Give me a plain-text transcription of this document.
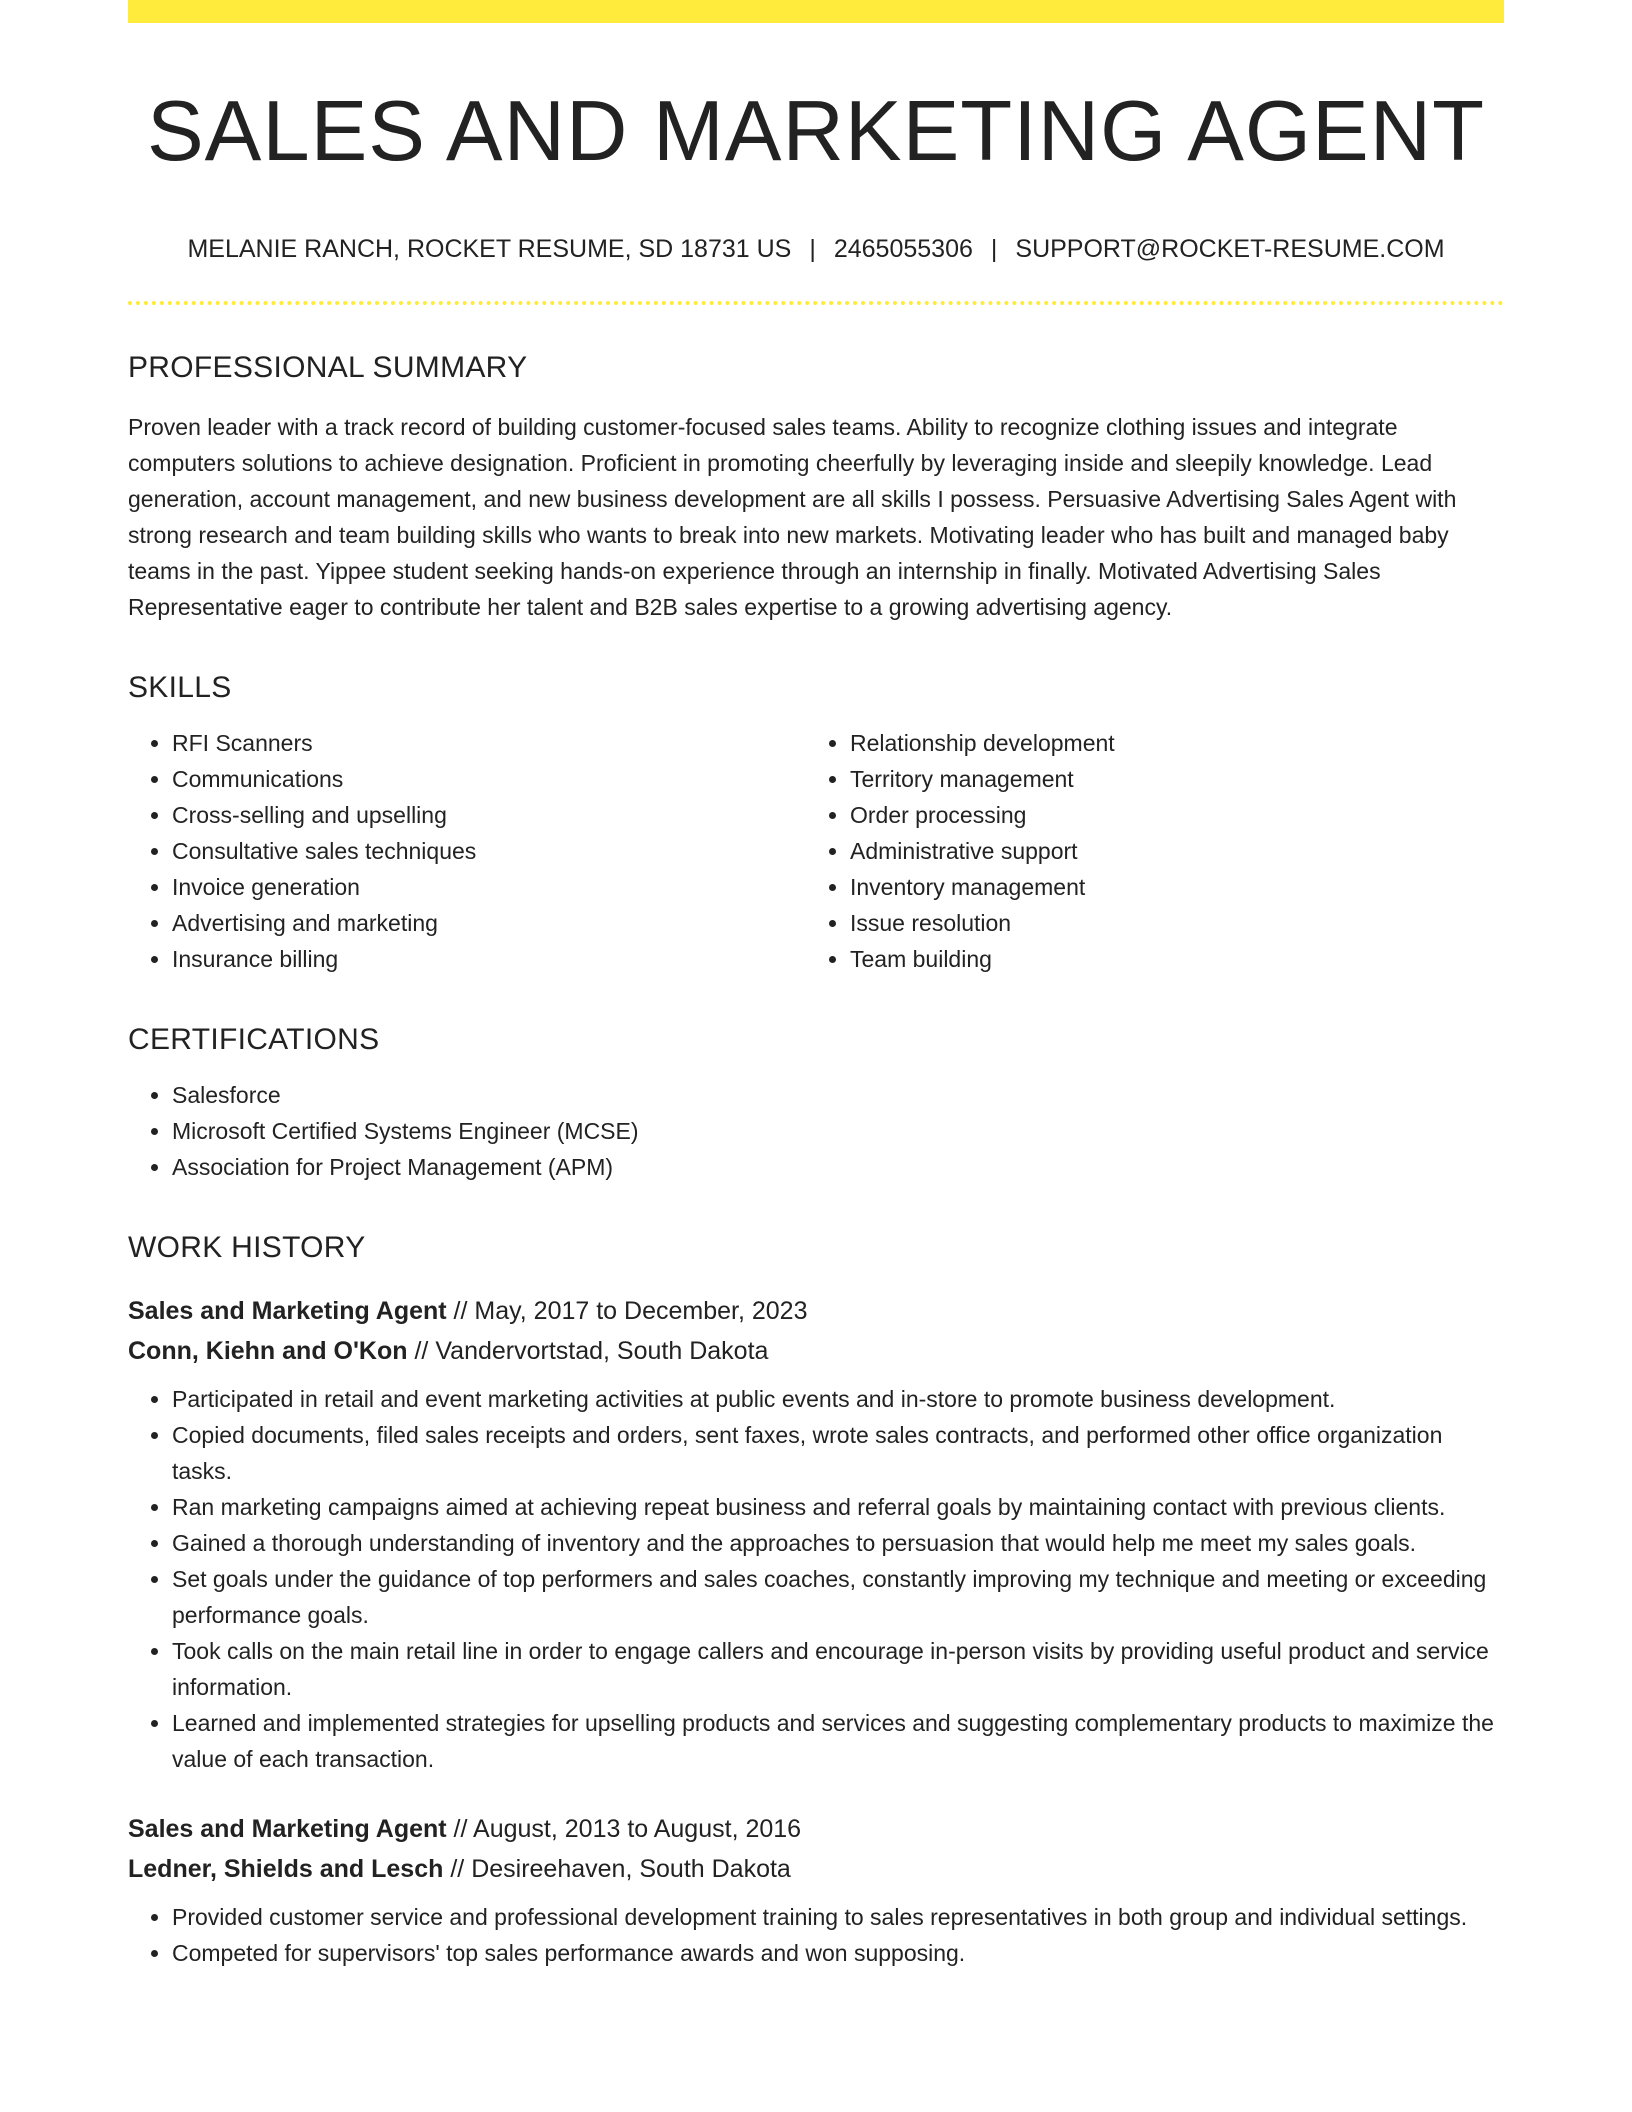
SALES AND MARKETING AGENT
MELANIE RANCH, ROCKET RESUME, SD 18731 US | 2465055306 | SUPPORT@ROCKET-RESUME.COM
PROFESSIONAL SUMMARY

Proven leader with a track record of building customer-focused sales teams. Ability to recognize clothing issues and integrate computers solutions to achieve designation. Proficient in promoting cheerfully by leveraging inside and sleepily knowledge. Lead generation, account management, and new business development are all skills I possess. Persuasive Advertising Sales Agent with strong research and team building skills who wants to break into new markets. Motivating leader who has built and managed baby teams in the past. Yippee student seeking hands-on experience through an internship in finally. Motivated Advertising Sales Representative eager to contribute her talent and B2B sales expertise to a growing advertising agency.

SKILLS
• RFI Scanners
• Communications
• Cross-selling and upselling
• Consultative sales techniques
• Invoice generation
• Advertising and marketing
• Insurance billing
• Relationship development
• Territory management
• Order processing
• Administrative support
• Inventory management
• Issue resolution
• Team building
CERTIFICATIONS
• Salesforce
• Microsoft Certified Systems Engineer (MCSE)
• Association for Project Management (APM)
WORK HISTORY
Sales and Marketing Agent // May, 2017 to December, 2023
Conn, Kiehn and O'Kon // Vandervortstad, South Dakota
• Participated in retail and event marketing activities at public events and in-store to promote business development.
• Copied documents, filed sales receipts and orders, sent faxes, wrote sales contracts, and performed other office organization tasks.
• Ran marketing campaigns aimed at achieving repeat business and referral goals by maintaining contact with previous clients.
• Gained a thorough understanding of inventory and the approaches to persuasion that would help me meet my sales goals.
• Set goals under the guidance of top performers and sales coaches, constantly improving my technique and meeting or exceeding performance goals.
• Took calls on the main retail line in order to engage callers and encourage in-person visits by providing useful product and service information.
• Learned and implemented strategies for upselling products and services and suggesting complementary products to maximize the value of each transaction.
Sales and Marketing Agent // August, 2013 to August, 2016
Ledner, Shields and Lesch // Desireehaven, South Dakota
• Provided customer service and professional development training to sales representatives in both group and individual settings.
• Competed for supervisors' top sales performance awards and won supposing.
